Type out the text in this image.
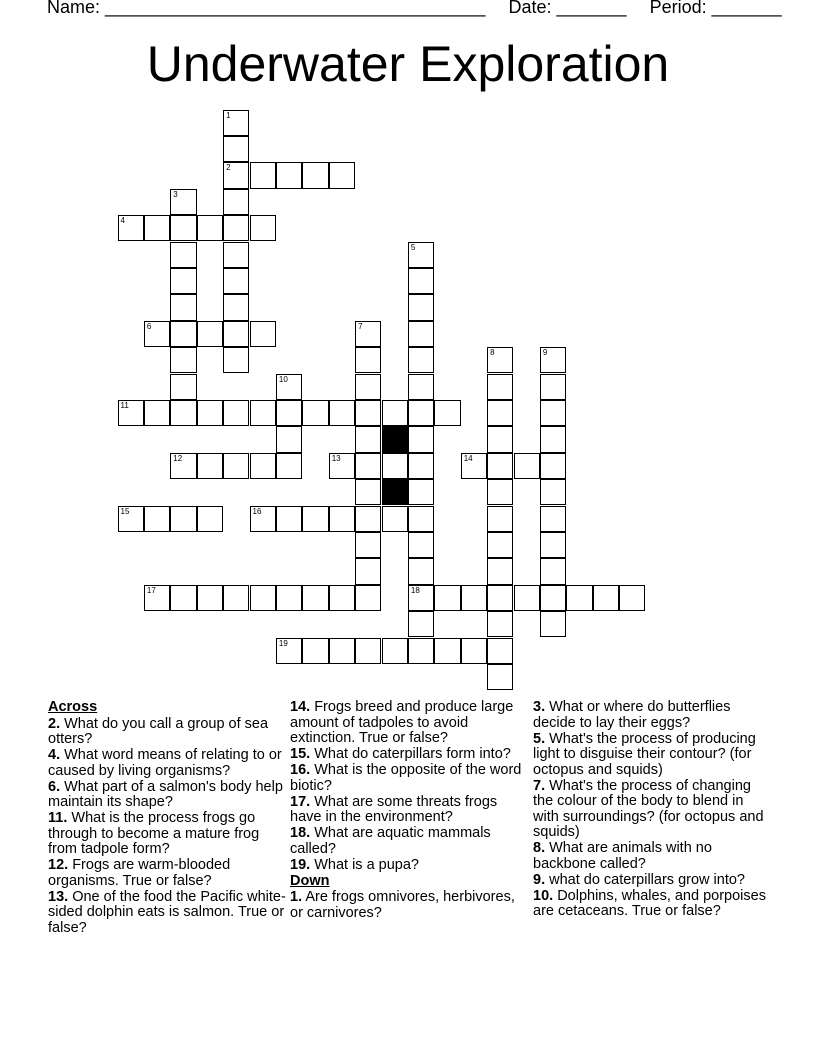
Name: ______________________________________ Date: _______ Period: _______
Underwater Exploration
2
4
6
11
12	13	14
15	16
17	18
19
1
3
5
7
8	9
10
Across
2. What do you call a group of sea otters?
4. What word means of relating to or caused by living organisms?
6. What part of a salmon's body help maintain its shape?
11. What is the process frogs go through to become a mature frog from tadpole form?
12. Frogs are warm-blooded organisms. True or false?
13. One of the food the Pacific white-sided dolphin eats is salmon. True or false?
14. Frogs breed and produce large amount of tadpoles to avoid extinction. True or false?
15. What do caterpillars form into?
16. What is the opposite of the word biotic?
17. What are some threats frogs have in the environment?
18. What are aquatic mammals called?
19. What is a pupa?
Down
1. Are frogs omnivores, herbivores, or carnivores?
3. What or where do butterflies decide to lay their eggs?
5. What's the process of producing light to disguise their contour? (for octopus and squids)
7. What's the process of changing the colour of the body to blend in with surroundings? (for octopus and squids)
8. What are animals with no backbone called?
9. what do caterpillars grow into?
10. Dolphins, whales, and porpoises are cetaceans. True or false?
